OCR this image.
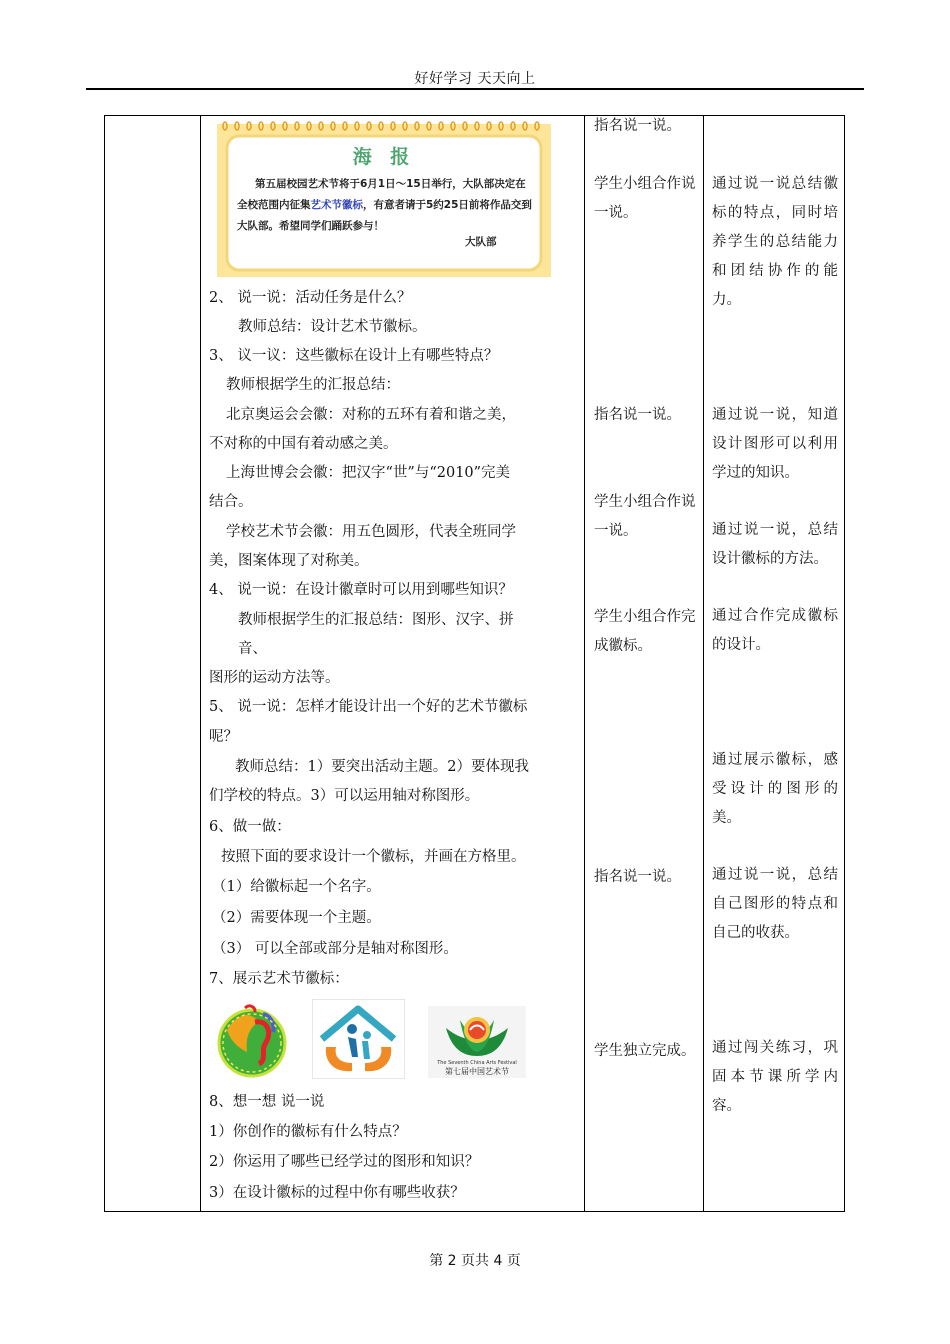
好好学习 天天向上
海 报
第五届校园艺术节将于6月1日～15日举行，大队部决定在全校范围内征集艺术节徽标，有意者请于5约25日前将作品交到大队部。希望同学们踊跃参与！
大队部
2、 说一说：活动任务是什么？
教师总结：设计艺术节徽标。
3、 议一议：这些徽标在设计上有哪些特点？
教师根据学生的汇报总结：
北京奥运会会徽：对称的五环有着和谐之美，
不对称的中国有着动感之美。
上海世博会会徽：把汉字“世”与“2010”完美
结合。
学校艺术节会徽：用五色圆形，代表全班同学
美，图案体现了对称美。
4、 说一说：在设计徽章时可以用到哪些知识？
教师根据学生的汇报总结：图形、汉字、拼
音、
图形的运动方法等。
5、 说一说：怎样才能设计出一个好的艺术节徽标
呢？
教师总结：1）要突出活动主题。2）要体现我
们学校的特点。3）可以运用轴对称图形。
6、做一做：
按照下面的要求设计一个徽标，并画在方格里。
（1）给徽标起一个名字。
（2）需要体现一个主题。
（3） 可以全部或部分是轴对称图形。
7、展示艺术节徽标：
The Seventh China Arts Festival
第七届中国艺术节
8、想一想 说一说
1）你创作的徽标有什么特点？
2）你运用了哪些已经学过的图形和知识？
3）在设计徽标的过程中你有哪些收获？
指名说一说。
学生小组合作说一说。
指名说一说。
学生小组合作说一说。
学生小组合作完成徽标。
指名说一说。
学生独立完成。
通过说一说总结徽标的特点，同时培养学生的总结能力和团结协作的能力。
通过说一说，知道设计图形可以利用学过的知识。
通过说一说，总结设计徽标的方法。
通过合作完成徽标的设计。
通过展示徽标，感受设计的图形的美。
通过说一说，总结自己图形的特点和自己的收获。
通过闯关练习，巩固本节课所学内容。
第 2 页共 4 页
